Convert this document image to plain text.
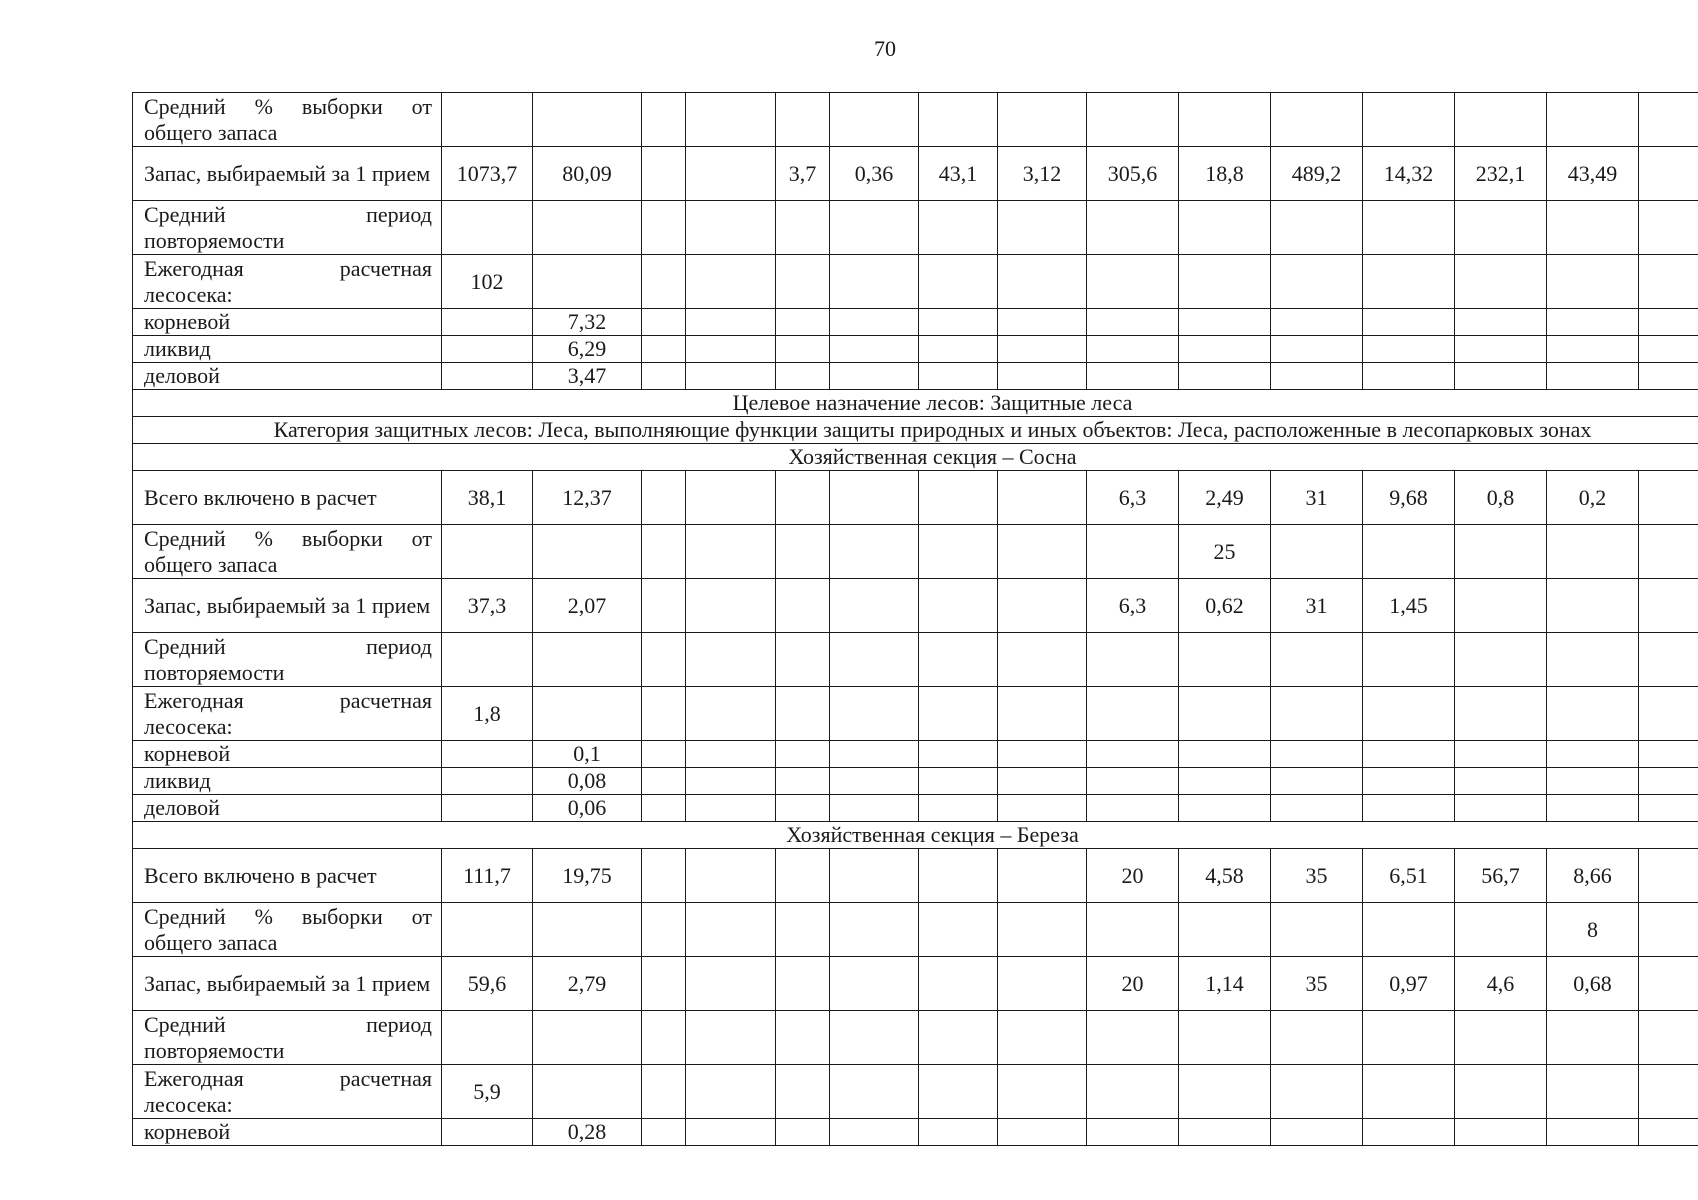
70
Средний % выборки от общего запаса															
Запас, выбираемый за 1 прием	1073,7	80,09			3,7	0,36	43,1	3,12	305,6	18,8	489,2	14,32	232,1	43,49	
Средний период повторяемости															
Ежегодная расчетная лесосека:	102														
корневой		7,32													
ликвид		6,29													
деловой		3,47													
Целевое назначение лесов: Защитные леса															
Категория защитных лесов: Леса, выполняющие функции защиты природных и иных объектов: Леса, расположенные в лесопарковых зонах															
Хозяйственная секция – Сосна															
Всего включено в расчет	38,1	12,37							6,3	2,49	31	9,68	0,8	0,2	
Средний % выборки от общего запаса										25					
Запас, выбираемый за 1 прием	37,3	2,07							6,3	0,62	31	1,45			
Средний период повторяемости															
Ежегодная расчетная лесосека:	1,8														
корневой		0,1													
ликвид		0,08													
деловой		0,06													
Хозяйственная секция – Береза															
Всего включено в расчет	111,7	19,75							20	4,58	35	6,51	56,7	8,66	
Средний % выборки от общего запаса														8	
Запас, выбираемый за 1 прием	59,6	2,79							20	1,14	35	0,97	4,6	0,68	
Средний период повторяемости															
Ежегодная расчетная лесосека:	5,9														
корневой		0,28													
